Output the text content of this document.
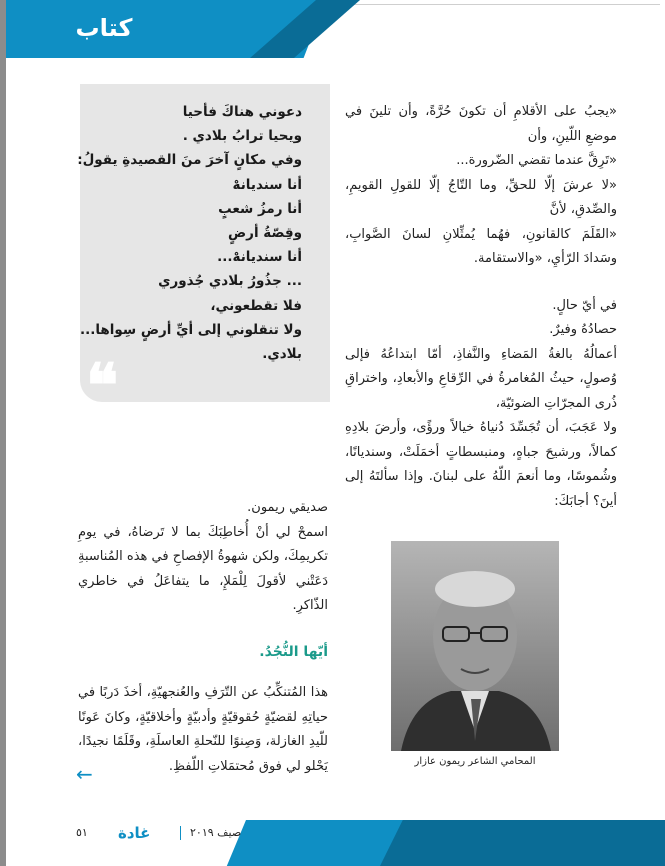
كتاب

«يجبُ على الأقلامِ أن تكونَ حُرَّةً، وأن تلينَ في موضعِ اللّينِ، وأن

«تَرِقَّ عندما تقضي الضّرورة...

«لا عرشَ إلّا للحقِّ، وما التّاجُ إلّا للقولِ القويمِ، والصِّدقِ، لأنَّ

«القَلَمَ كالقانونِ، فهُما يُمثِّلانِ لسانَ الصَّوابِ، وسَدادَ الرّأيِ، «والاستقامة.

في أيّ حالٍ.

حصادُهُ وفيرٌ.

أعمالُهُ بالغةُ المَضاءِ والنَّفاذِ، أمّا ابتداعُهُ فإلى وُصولٍ، حيثُ المُغامرةُ في الرِّقاعِ والأبعادِ، واختراقِ ذُرى المجرّاتِ الضوئيّة،

ولا عَجَبَ، أن تُجَسِّدَ دُنياهُ خيالاً ورؤًى، وأرضَ بلادِهِ كمالاً، ورشيحَ جباهٍ، ومنبسطاتٍ أخمَلَتْ، وسنديانًا، وشُموسًا، وما أنعمَ اللّهُ على لبنانَ. وإذا سألتَهُ إلى أينَ؟ أجابَكَ:

دعوني هناكَ فأحيا
ويحيا ترابُ بلادي .
وفي مكانٍ آخرَ منَ القصيدةِ يقولُ:
أنا سنديانهْ
أنا رمزُ شعبٍ
وقِصّةُ أرضٍ
أنا سنديانهْ...
... جذُورُ بلادي جُذوري
فلا تقطعوني،
ولا تنقلوني إلى أيِّ أرضٍ سِواها...
بلادي.
❝

صديقي ريمون.

اسمحْ لي أنْ أُخاطِبَكَ بما لا تَرضاهُ، في يومِ تكريمِكَ، ولكن شهوةُ الإفصاحِ في هذه المُناسبةِ دَعَتْني لأقولَ لِلْمَلإِ، ما يتفاعَلُ في خاطري الذّاكرِ.

أيّها النُّجُدُ.

هذا المُتنكِّبُ عن التّرَفِ والعُنجهيّةِ، أخذَ دَربًا في حياتِهِ لقضيّةٍ حُقوقيّةٍ وأدبيّةٍ وأخلاقيّةٍ، وكانَ عَونًا للّيدِ الغازلة، وَصِنوًا للنّحلةِ العاسلَةِ، وقَلَمًا نجيدًا، يَحْلو لي فوق مُحتمَلاتِ اللّفظِ.

←
المحامي الشاعر ريمون عازار
٥١ غادة	صيف ٢٠١٩
